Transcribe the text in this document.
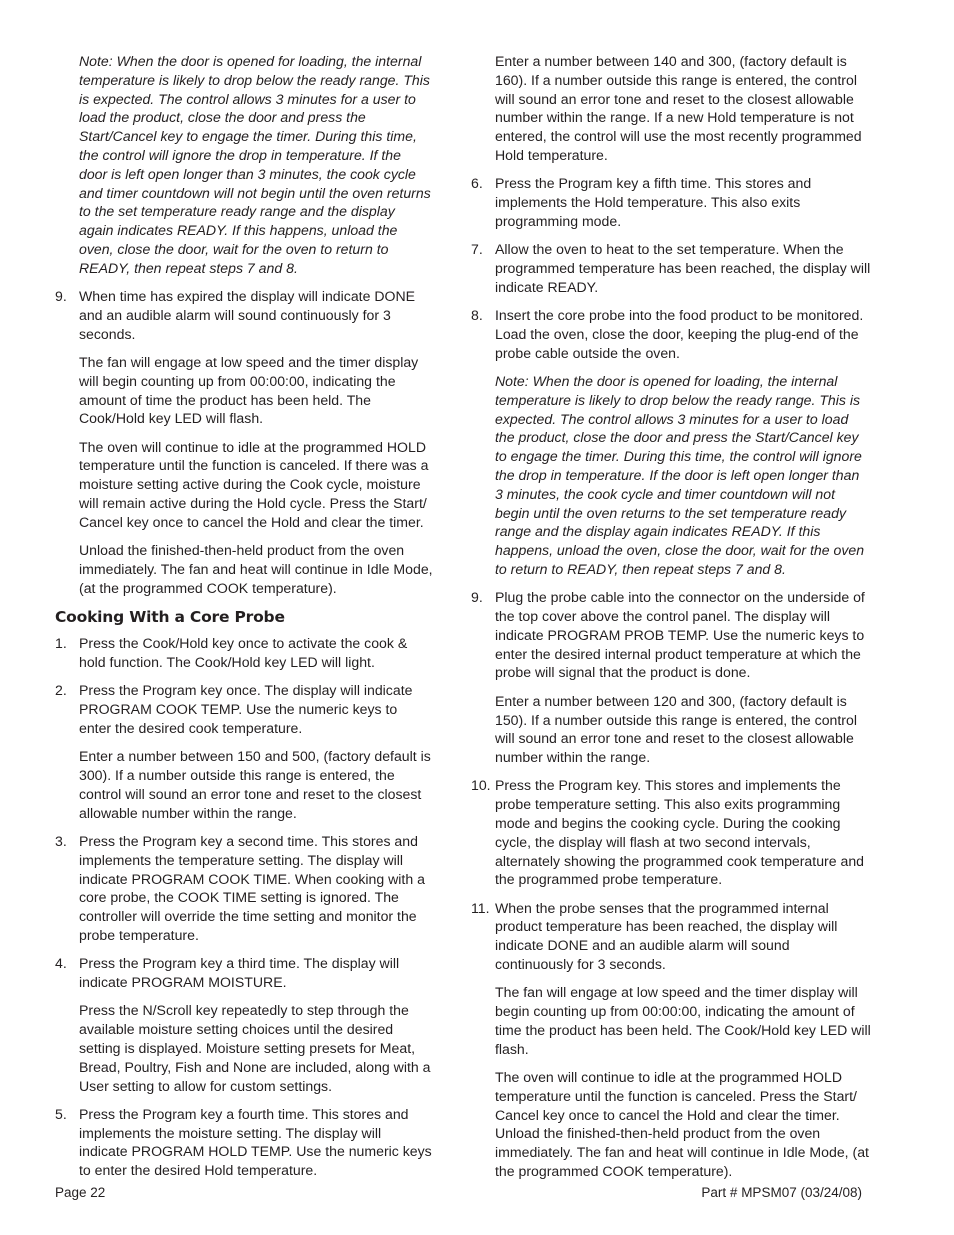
Note: When the door is opened for loading, the internal temperature is likely to drop below the ready range. This is expected. The control allows 3 minutes for a user to load the product, close the door and press the Start/Cancel key to engage the timer. During this time, the control will ignore the drop in temperature. If the door is left open longer than 3 minutes, the cook cycle and timer countdown will not begin until the oven returns to the set temperature ready range and the display again indicates READY. If this happens, unload the oven, close the door, wait for the oven to return to READY, then repeat steps 7 and 8.

9. When time has expired the display will indicate DONE and an audible alarm will sound continuously for 3 seconds.

The fan will engage at low speed and the timer display will begin counting up from 00:00:00, indicating the amount of time the product has been held. The Cook/Hold key LED will flash.

The oven will continue to idle at the programmed HOLD temperature until the function is canceled. If there was a moisture setting active during the Cook cycle, moisture will remain active during the Hold cycle. Press the Start/ Cancel key once to cancel the Hold and clear the timer.

Unload the finished-then-held product from the oven immediately. The fan and heat will continue in Idle Mode, (at the programmed COOK temperature).

Cooking With a Core Probe
1. Press the Cook/Hold key once to activate the cook & hold function. The Cook/Hold key LED will light.

2. Press the Program key once. The display will indicate PROGRAM COOK TEMP. Use the numeric keys to enter the desired cook temperature.

Enter a number between 150 and 500, (factory default is 300). If a number outside this range is entered, the control will sound an error tone and reset to the closest allowable number within the range.

3. Press the Program key a second time. This stores and implements the temperature setting. The display will indicate PROGRAM COOK TIME. When cooking with a core probe, the COOK TIME setting is ignored. The controller will override the time setting and monitor the probe temperature.

4. Press the Program key a third time. The display will indicate PROGRAM MOISTURE.

Press the N/Scroll key repeatedly to step through the available moisture setting choices until the desired setting is displayed. Moisture setting presets for Meat, Bread, Poultry, Fish and None are included, along with a User setting to allow for custom settings.

5. Press the Program key a fourth time. This stores and implements the moisture setting. The display will indicate PROGRAM HOLD TEMP. Use the numeric keys to enter the desired Hold temperature.

Enter a number between 140 and 300, (factory default is 160). If a number outside this range is entered, the control will sound an error tone and reset to the closest allowable number within the range. If a new Hold temperature is not entered, the control will use the most recently programmed Hold temperature.

6. Press the Program key a fifth time. This stores and implements the Hold temperature. This also exits programming mode.

7. Allow the oven to heat to the set temperature. When the programmed temperature has been reached, the display will indicate READY.

8. Insert the core probe into the food product to be monitored. Load the oven, close the door, keeping the plug-end of the probe cable outside the oven.

Note: When the door is opened for loading, the internal temperature is likely to drop below the ready range. This is expected. The control allows 3 minutes for a user to load the product, close the door and press the Start/Cancel key to engage the timer. During this time, the control will ignore the drop in temperature. If the door is left open longer than 3 minutes, the cook cycle and timer countdown will not begin until the oven returns to the set temperature ready range and the display again indicates READY. If this happens, unload the oven, close the door, wait for the oven to return to READY, then repeat steps 7 and 8.

9. Plug the probe cable into the connector on the underside of the top cover above the control panel. The display will indicate PROGRAM PROB TEMP. Use the numeric keys to enter the desired internal product temperature at which the probe will signal that the product is done.

Enter a number between 120 and 300, (factory default is 150). If a number outside this range is entered, the control will sound an error tone and reset to the closest allowable number within the range.

10. Press the Program key. This stores and implements the probe temperature setting. This also exits programming mode and begins the cooking cycle. During the cooking cycle, the display will flash at two second intervals, alternately showing the programmed cook temperature and the programmed probe temperature.

11. When the probe senses that the programmed internal product temperature has been reached, the display will indicate DONE and an audible alarm will sound continuously for 3 seconds.

The fan will engage at low speed and the timer display will begin counting up from 00:00:00, indicating the amount of time the product has been held. The Cook/Hold key LED will flash.

The oven will continue to idle at the programmed HOLD temperature until the function is canceled. Press the Start/ Cancel key once to cancel the Hold and clear the timer. Unload the finished-then-held product from the oven immediately. The fan and heat will continue in Idle Mode, (at the programmed COOK temperature).

Page 22	Part # MPSM07 (03/24/08)
